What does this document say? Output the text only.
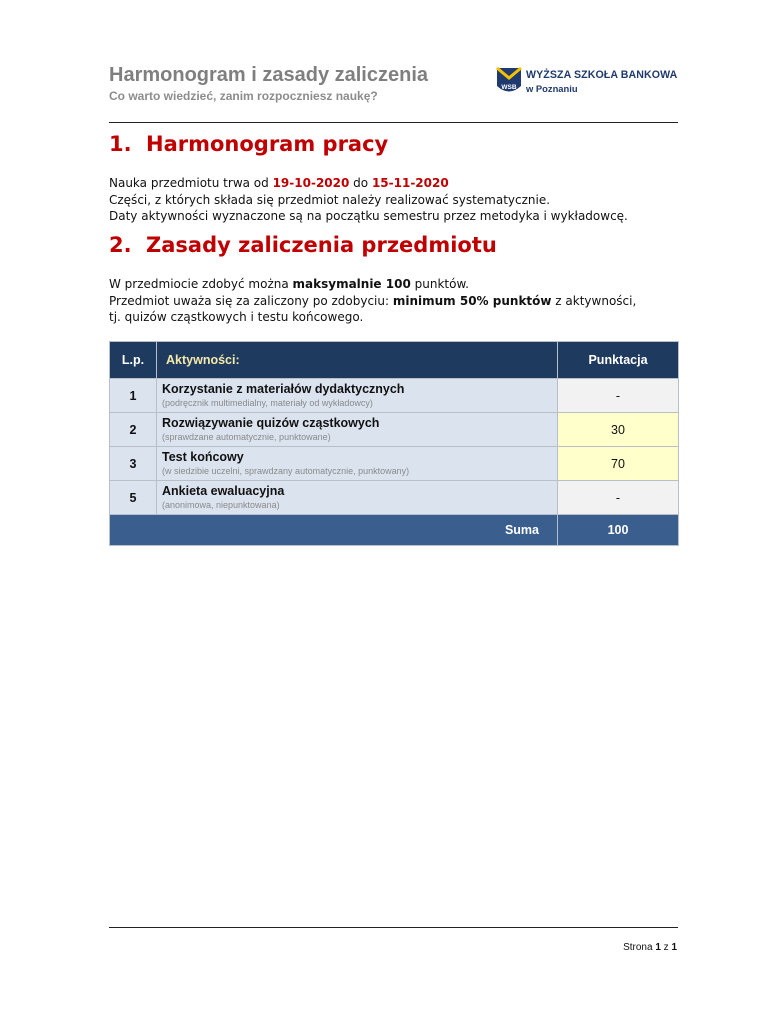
Harmonogram i zasady zaliczenia
Co warto wiedzieć, zanim rozpoczniesz naukę?
WSB
WYŻSZA SZKOŁA BANKOWA
w Poznaniu
1. Harmonogram pracy
Nauka przedmiotu trwa od 19-10-2020 do 15-11-2020
Części, z których składa się przedmiot należy realizować systematycznie.
Daty aktywności wyznaczone są na początku semestru przez metodyka i wykładowcę.
2. Zasady zaliczenia przedmiotu
W przedmiocie zdobyć można maksymalnie 100 punktów.
Przedmiot uważa się za zaliczony po zdobyciu: minimum 50% punktów z aktywności,
tj. quizów cząstkowych i testu końcowego.
L.p.	Aktywności:	Punktacja
1	Korzystanie z materiałów dydaktycznych
(podręcznik multimedialny, materiały od wykładowcy)	-
2	Rozwiązywanie quizów cząstkowych
(sprawdzane automatycznie, punktowane)	30
3	Test końcowy
(w siedzibie uczelni, sprawdzany automatycznie, punktowany)	70
5	Ankieta ewaluacyjna
(anonimowa, niepunktowana)	-
Suma		100
Strona 1 z 1
